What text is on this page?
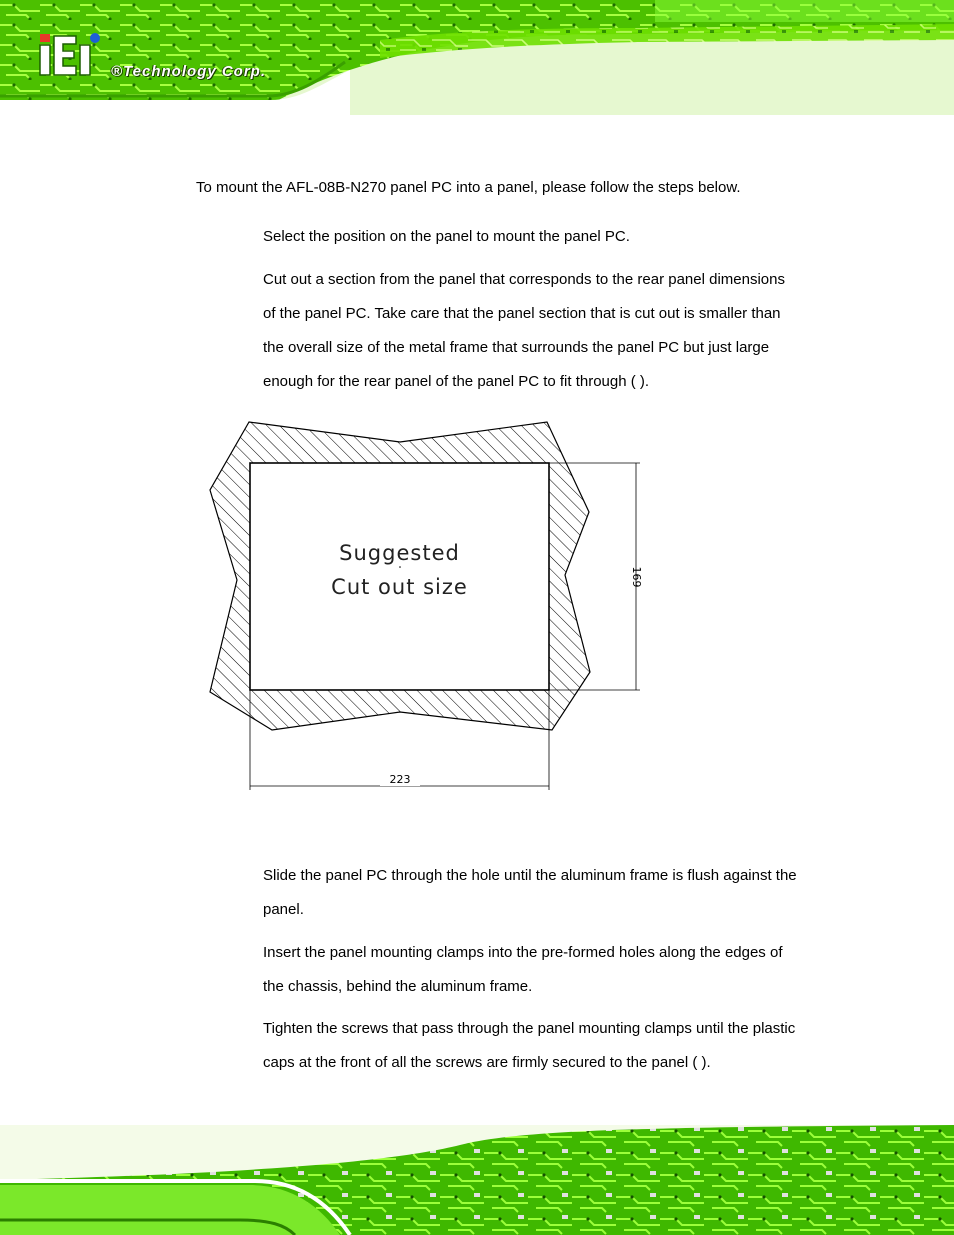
®Technology Corp.
To mount the AFL-08B-N270 panel PC into a panel, please follow the steps below.
Select the position on the panel to mount the panel PC.
Cut out a section from the panel that corresponds to the rear panel dimensions
of the panel PC. Take care that the panel section that is cut out is smaller than
the overall size of the metal frame that surrounds the panel PC but just large
enough for the rear panel of the panel PC to fit through ( ).
Suggested
Cut out size	169
223
Slide the panel PC through the hole until the aluminum frame is flush against the
panel.
Insert the panel mounting clamps into the pre-formed holes along the edges of
the chassis, behind the aluminum frame.
Tighten the screws that pass through the panel mounting clamps until the plastic
caps at the front of all the screws are firmly secured to the panel ( ).
